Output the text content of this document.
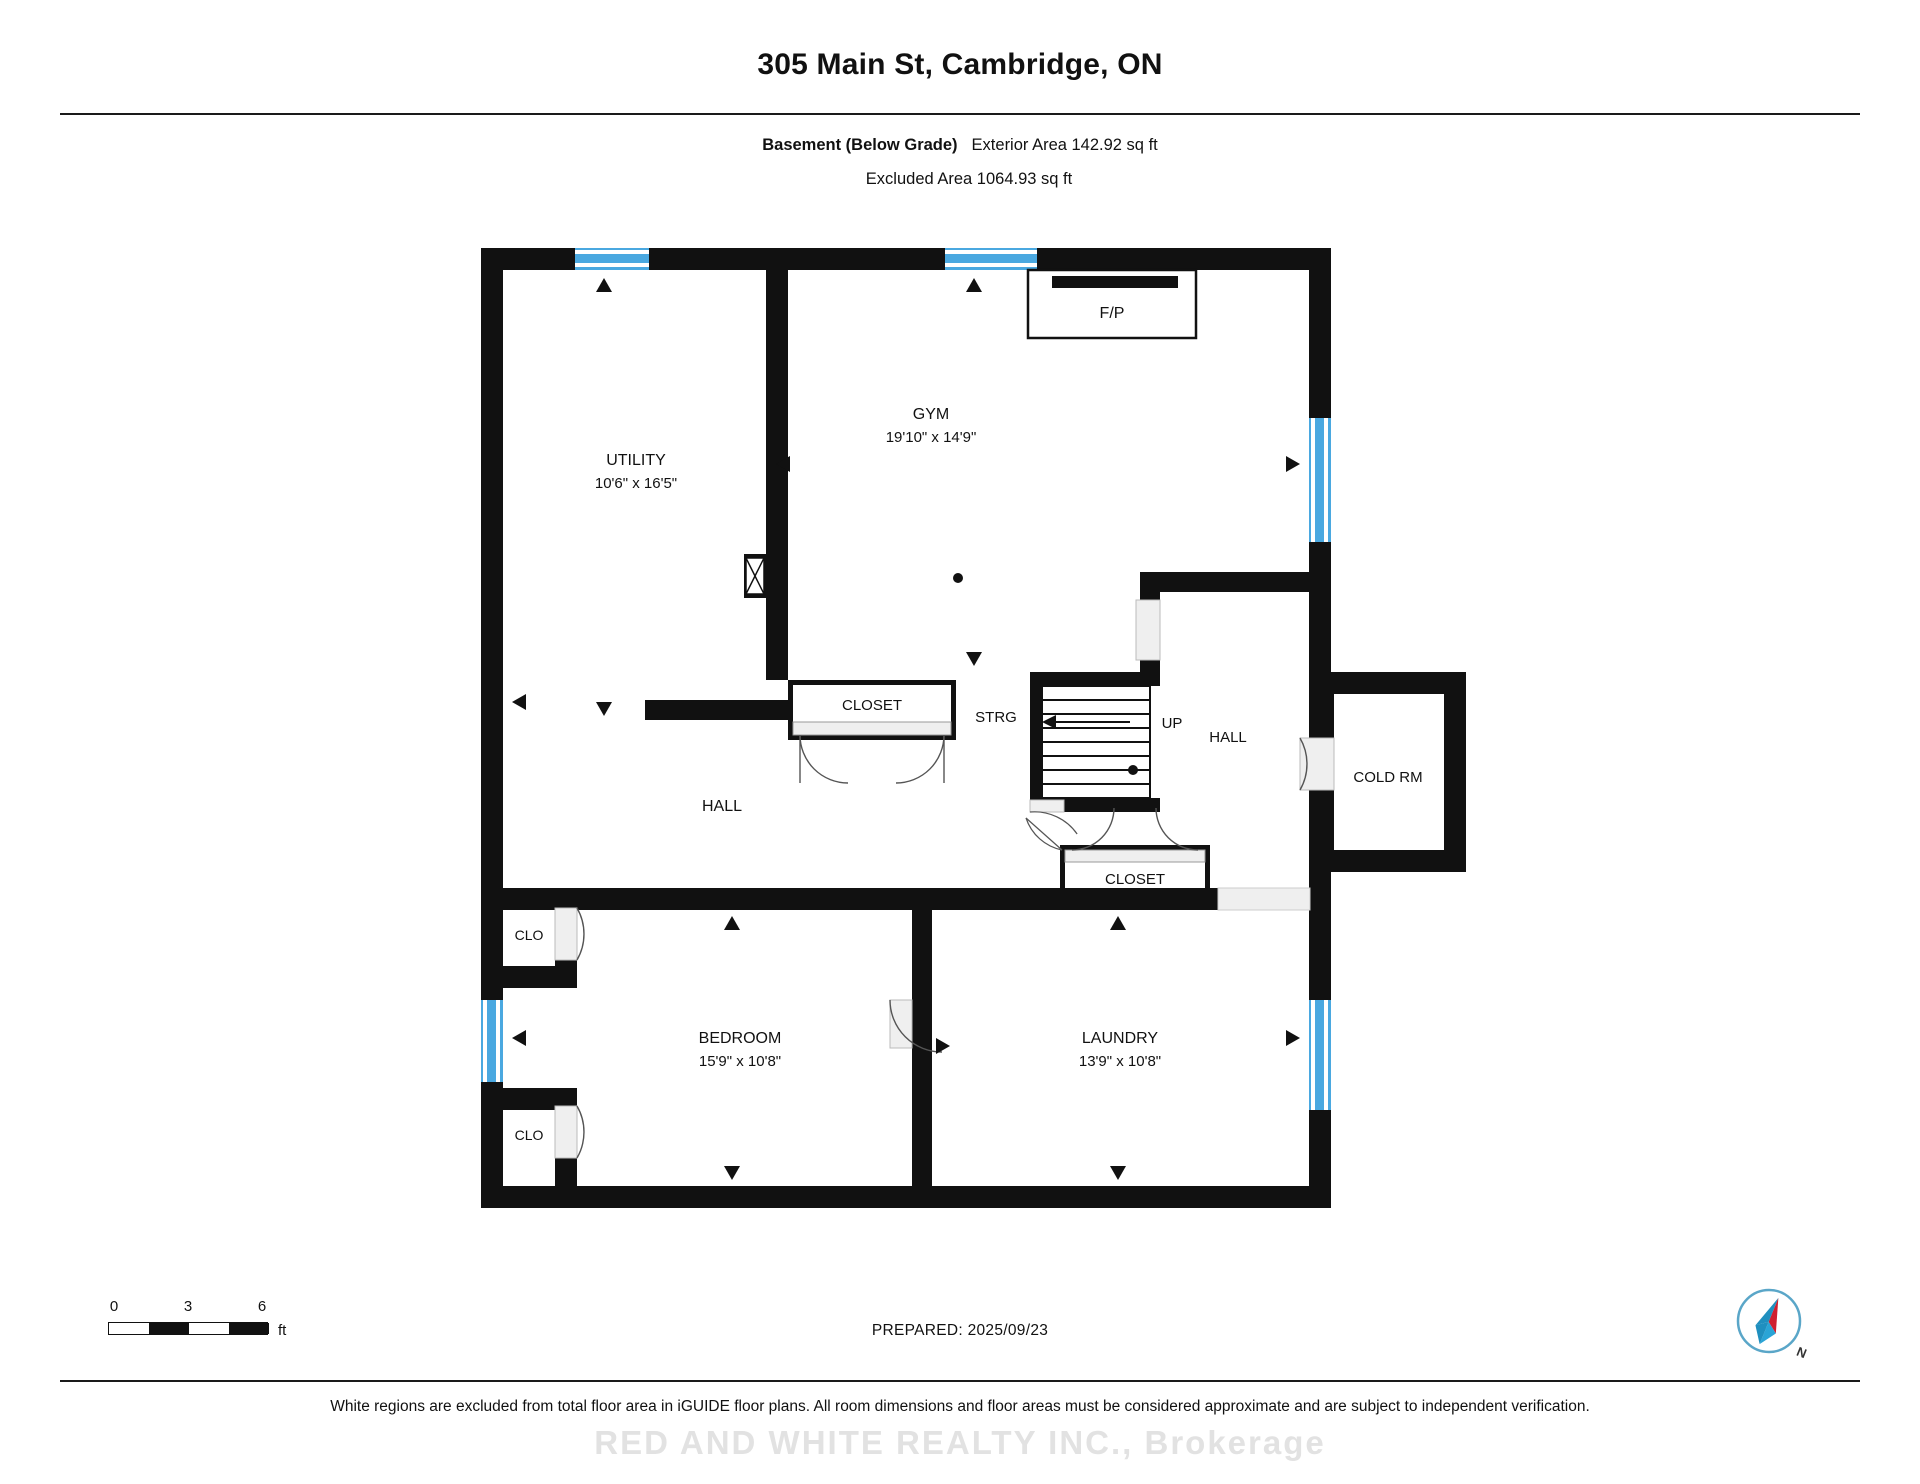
305 Main St, Cambridge, ON
Basement (Below Grade) Exterior Area 142.92 sq ft
Excluded Area 1064.93 sq ft
F/P
CLOSET
STRG	UP
HALL
COLD RM
CLOSET
CLO
CLO
UTILITY
10'6" x 16'5"
GYM
19'10" x 14'9"
HALL
BEDROOM
15'9" x 10'8"
LAUNDRY
13'9" x 10'8"
0	3	6
ft	PREPARED: 2025/09/23
N
White regions are excluded from total floor area in iGUIDE floor plans. All room dimensions and floor areas must be considered approximate and are subject to independent verification.
RED AND WHITE REALTY INC., Brokerage
